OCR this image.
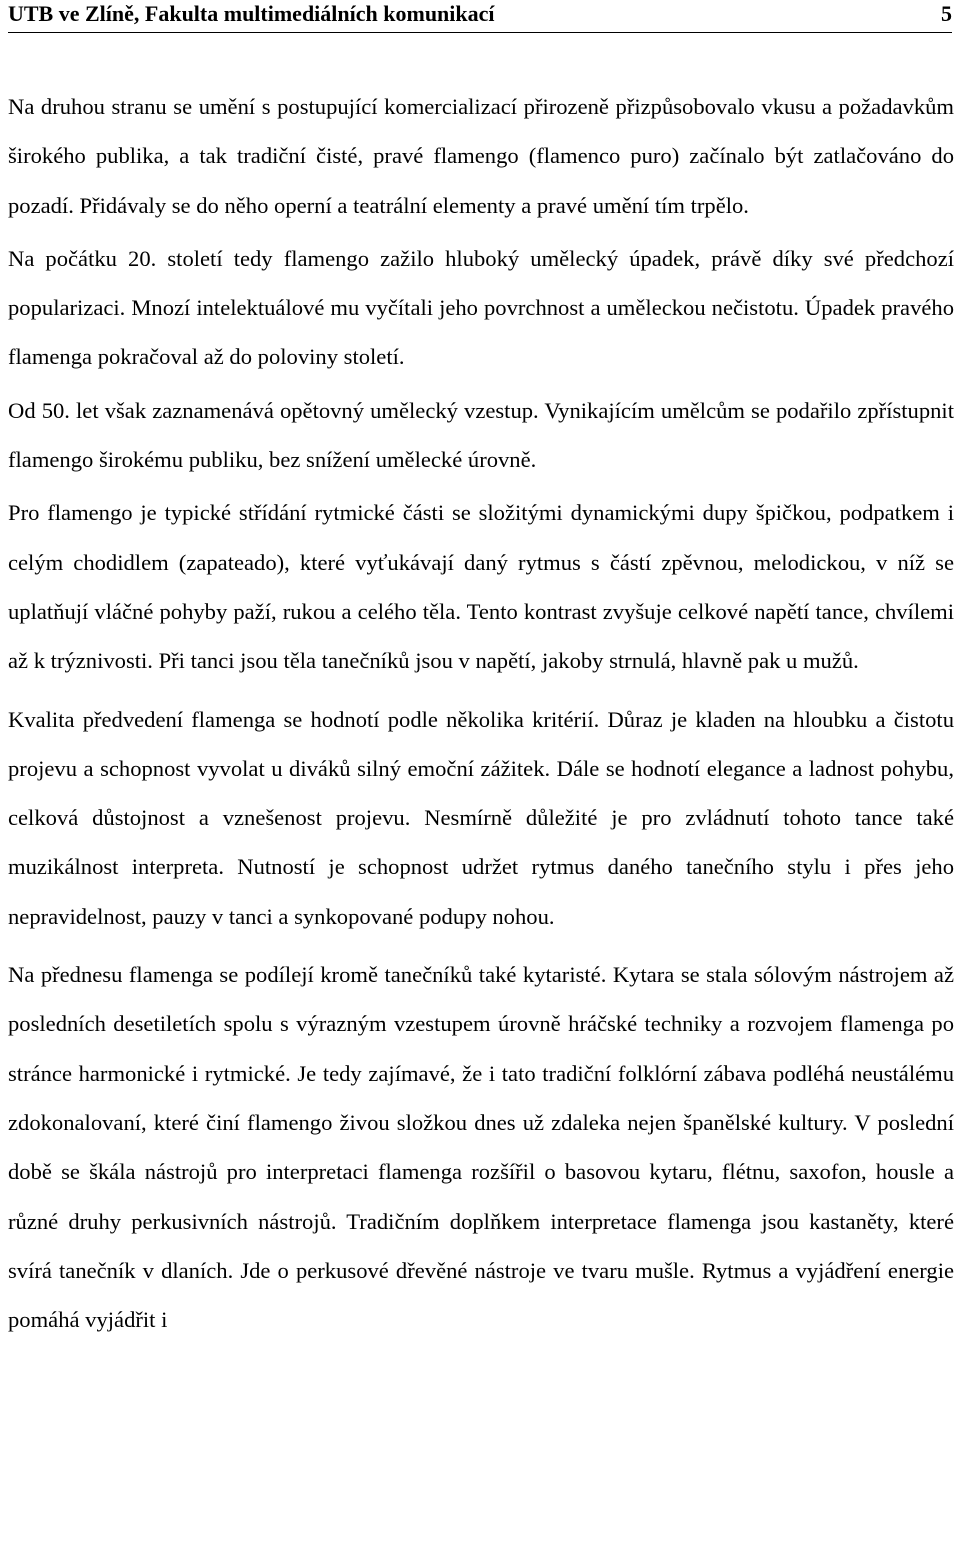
UTB ve Zlíně, Fakulta multimediálních komunikací	5

Na druhou stranu se umění s postupující komercializací přirozeně přizpůsobovalo vkusu a požadavkům širokého publika, a tak tradiční čisté, pravé flamengo (flamenco puro) začínalo být zatlačováno do pozadí. Přidávaly se do něho operní a teatrální elementy a pravé umění tím trpělo.

Na počátku 20. století tedy flamengo zažilo hluboký umělecký úpadek, právě díky své předchozí popularizaci. Mnozí intelektuálové mu vyčítali jeho povrchnost a uměleckou nečistotu. Úpadek pravého flamenga pokračoval až do poloviny století.

Od 50. let však zaznamenává opětovný umělecký vzestup. Vynikajícím umělcům se podařilo zpřístupnit flamengo širokému publiku, bez snížení umělecké úrovně.

Pro flamengo je typické střídání rytmické části se složitými dynamickými dupy špičkou, podpatkem i celým chodidlem (zapateado), které vyťukávají daný rytmus s částí zpěvnou, melodickou, v níž se uplatňují vláčné pohyby paží, rukou a celého těla. Tento kontrast zvyšuje celkové napětí tance, chvílemi až k trýznivosti. Při tanci jsou těla tanečníků jsou v napětí, jakoby strnulá, hlavně pak u mužů.

Kvalita předvedení flamenga se hodnotí podle několika kritérií. Důraz je kladen na hloubku a čistotu projevu a schopnost vyvolat u diváků silný emoční zážitek. Dále se hodnotí elegance a ladnost pohybu, celková důstojnost a vznešenost projevu. Nesmírně důležité je pro zvládnutí tohoto tance také muzikálnost interpreta. Nutností je schopnost udržet rytmus daného tanečního stylu i přes jeho nepravidelnost, pauzy v tanci a synkopované podupy nohou.

Na přednesu flamenga se podílejí kromě tanečníků také kytaristé. Kytara se stala sólovým nástrojem až posledních desetiletích spolu s výrazným vzestupem úrovně hráčské techniky a rozvojem flamenga po stránce harmonické i rytmické. Je tedy zajímavé, že i tato tradiční folklórní zábava podléhá neustálému zdokonalovaní, které činí flamengo živou složkou dnes už zdaleka nejen španělské kultury. V poslední době se škála nástrojů pro interpretaci flamenga rozšířil o basovou kytaru, flétnu, saxofon, housle a různé druhy perkusivních nástrojů. Tradičním doplňkem interpretace flamenga jsou kastaněty, které svírá tanečník v dlaních. Jde o perkusové dřevěné nástroje ve tvaru mušle. Rytmus a vyjádření energie pomáhá vyjádřit i
